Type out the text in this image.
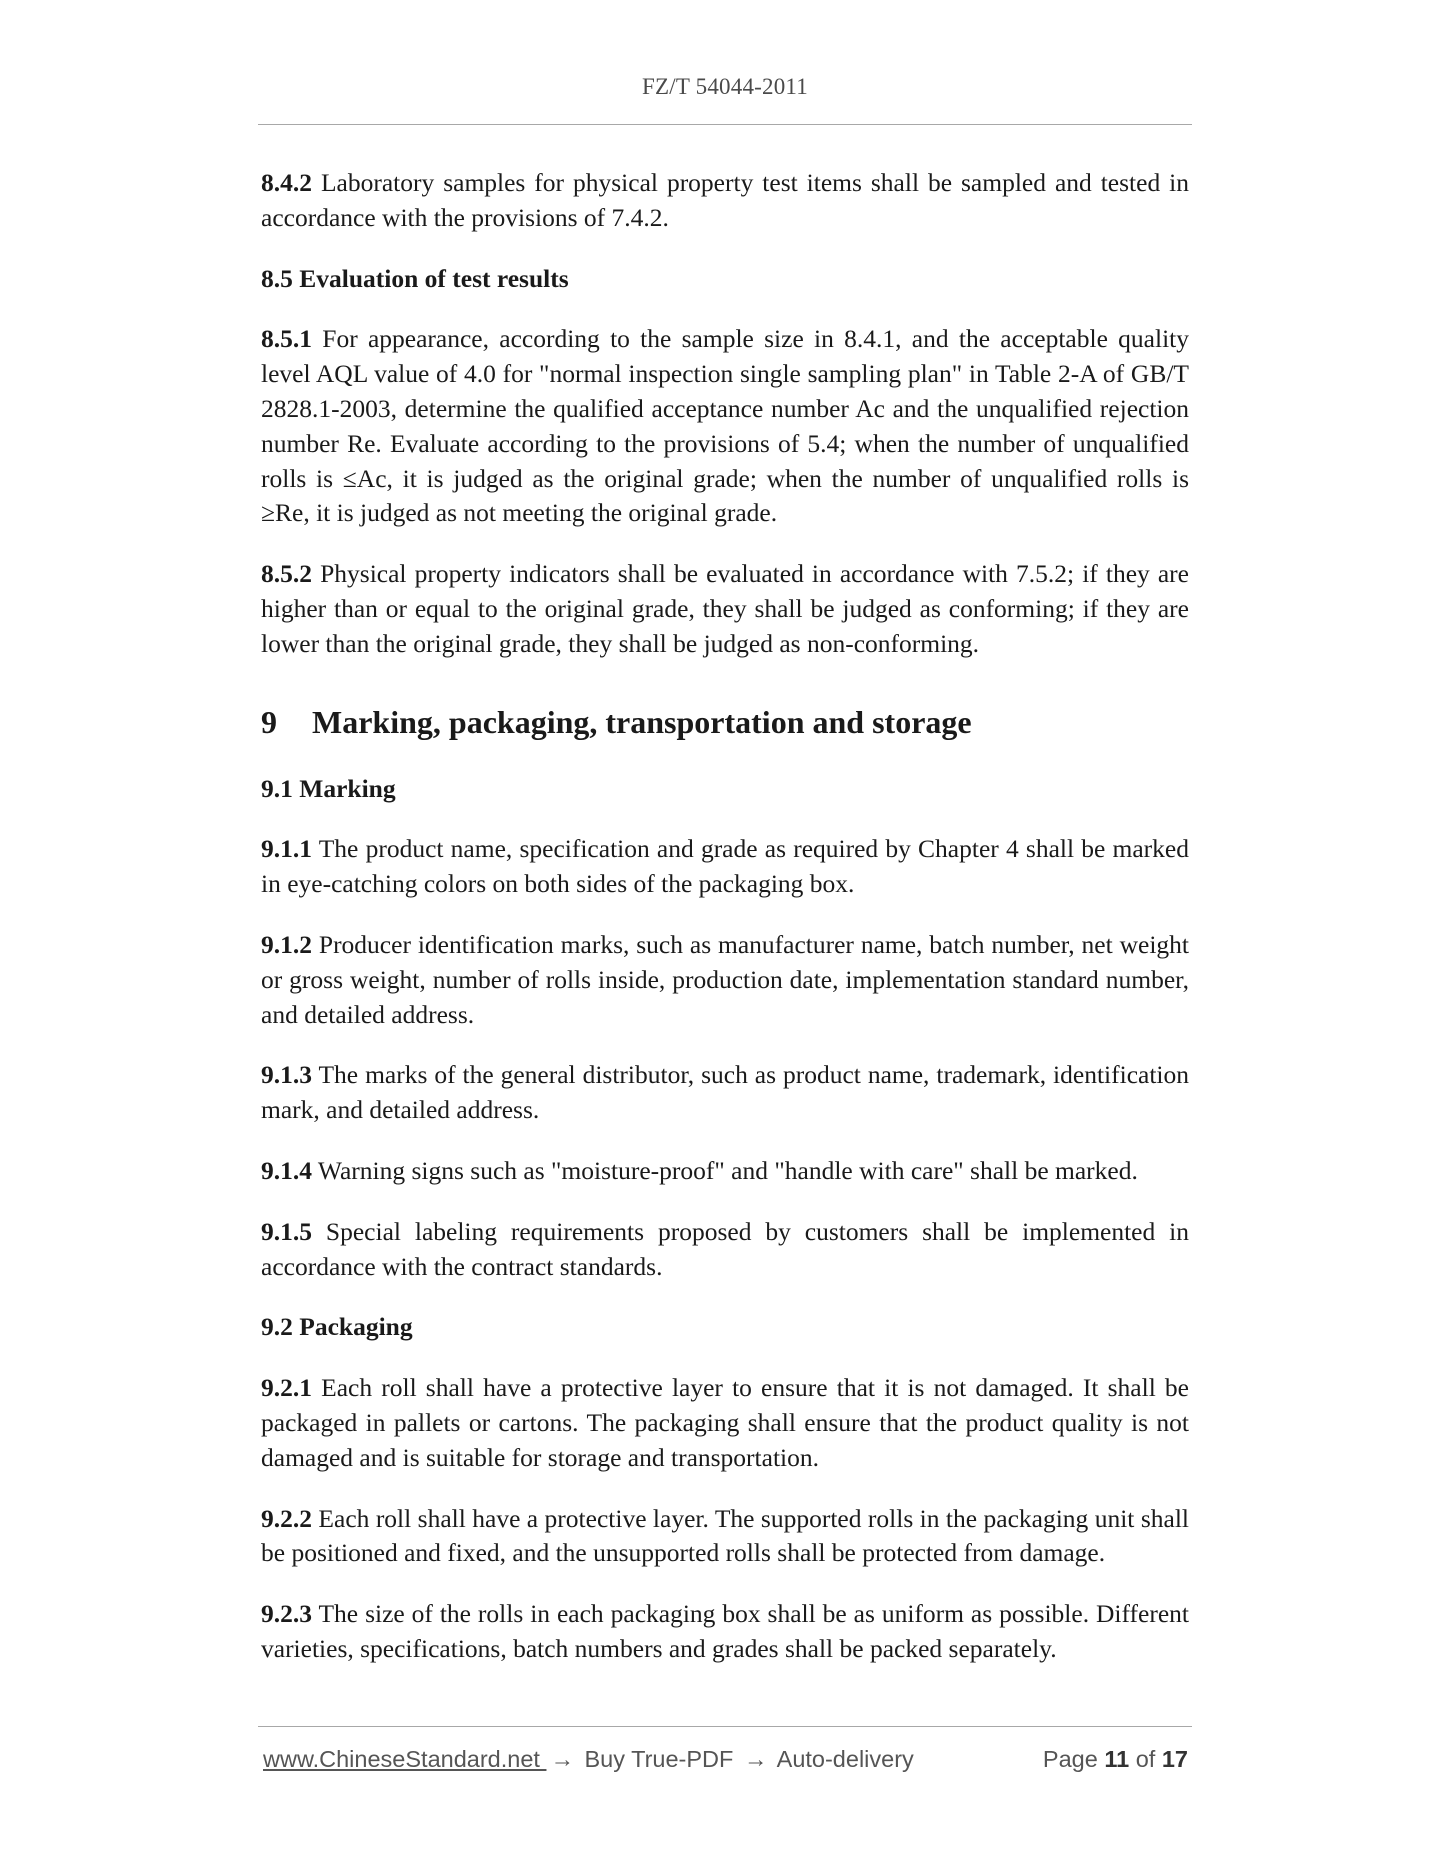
FZ/T 54044-2011

8.4.2 Laboratory samples for physical property test items shall be sampled and tested in accordance with the provisions of 7.4.2.

8.5 Evaluation of test results

8.5.1 For appearance, according to the sample size in 8.4.1, and the acceptable quality level AQL value of 4.0 for "normal inspection single sampling plan" in Table 2-A of GB/T 2828.1-2003, determine the qualified acceptance number Ac and the unqualified rejection number Re. Evaluate according to the provisions of 5.4; when the number of unqualified rolls is ≤Ac, it is judged as the original grade; when the number of unqualified rolls is ≥Re, it is judged as not meeting the original grade.

8.5.2 Physical property indicators shall be evaluated in accordance with 7.5.2; if they are higher than or equal to the original grade, they shall be judged as conforming; if they are lower than the original grade, they shall be judged as non-conforming.

9 Marking, packaging, transportation and storage

9.1 Marking

9.1.1 The product name, specification and grade as required by Chapter 4 shall be marked in eye-catching colors on both sides of the packaging box.

9.1.2 Producer identification marks, such as manufacturer name, batch number, net weight or gross weight, number of rolls inside, production date, implementation standard number, and detailed address.

9.1.3 The marks of the general distributor, such as product name, trademark, identification mark, and detailed address.

9.1.4 Warning signs such as "moisture-proof" and "handle with care" shall be marked.

9.1.5 Special labeling requirements proposed by customers shall be implemented in accordance with the contract standards.

9.2 Packaging

9.2.1 Each roll shall have a protective layer to ensure that it is not damaged. It shall be packaged in pallets or cartons. The packaging shall ensure that the product quality is not damaged and is suitable for storage and transportation.

9.2.2 Each roll shall have a protective layer. The supported rolls in the packaging unit shall be positioned and fixed, and the unsupported rolls shall be protected from damage.

9.2.3 The size of the rolls in each packaging box shall be as uniform as possible. Different varieties, specifications, batch numbers and grades shall be packed separately.

www.ChineseStandard.net → Buy True-PDF → Auto-delivery	Page 11 of 17
